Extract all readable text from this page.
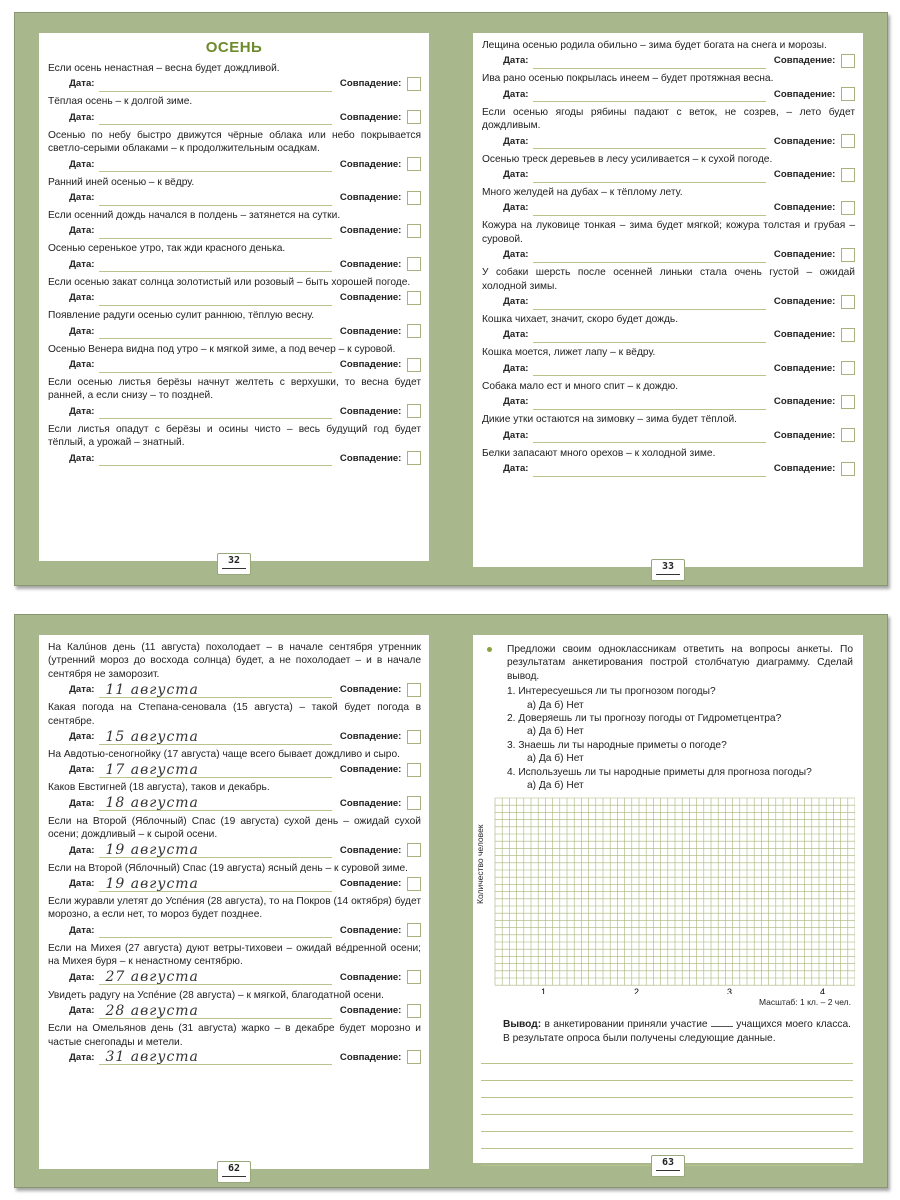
ОСЕНЬ
Если осень ненастная – весна будет дождливой.
Дата:	Совпадение:
Тёплая осень – к долгой зиме.
Дата:	Совпадение:
Осенью по небу быстро движутся чёрные облака или небо покрывается светло-серыми облаками – к продолжительным осадкам.
Дата:	Совпадение:
Ранний иней осенью – к вёдру.
Дата:	Совпадение:
Если осенний дождь начался в полдень – затянется на сутки.
Дата:	Совпадение:
Осенью серенькое утро, так жди красного денька.
Дата:	Совпадение:
Если осенью закат солнца золотистый или розовый – быть хорошей погоде.
Дата:	Совпадение:
Появление радуги осенью сулит раннюю, тёплую весну.
Дата:	Совпадение:
Осенью Венера видна под утро – к мягкой зиме, а под вечер – к суровой.
Дата:	Совпадение:
Если осенью листья берёзы начнут желтеть с верхушки, то весна будет ранней, а если снизу – то поздней.
Дата:	Совпадение:
Если листья опадут с берёзы и осины чисто – весь будущий год будет тёплый, а урожай – знатный.
Дата:	Совпадение:
32
Лещина осенью родила обильно – зима будет богата на снега и морозы.
Дата:	Совпадение:
Ива рано осенью покрылась инеем – будет протяжная весна.
Дата:	Совпадение:
Если осенью ягоды рябины падают с веток, не созрев, – лето будет дождливым.
Дата:	Совпадение:
Осенью треск деревьев в лесу усиливается – к сухой погоде.
Дата:	Совпадение:
Много желудей на дубах – к тёплому лету.
Дата:	Совпадение:
Кожура на луковице тонкая – зима будет мягкой; кожура толстая и грубая – суровой.
Дата:	Совпадение:
У собаки шерсть после осенней линьки стала очень густой – ожидай холодной зимы.
Дата:	Совпадение:
Кошка чихает, значит, скоро будет дождь.
Дата:	Совпадение:
Кошка моется, лижет лапу – к вёдру.
Дата:	Совпадение:
Собака мало ест и много спит – к дождю.
Дата:	Совпадение:
Дикие утки остаются на зимовку – зима будет тёплой.
Дата:	Совпадение:
Белки запасают много орехов – к холодной зиме.
Дата:	Совпадение:
33
На Калúнов день (11 августа) похолодает – в начале сентября утренник (утренний мороз до восхода солнца) будет, а не похолодает – и в начале сентября не заморозит.
Дата: 11 августа	Совпадение:
Какая погода на Степана-сеновала (15 августа) – такой будет погода в сентябре.
Дата: 15 августа	Совпадение:
На Авдотью-сеногнойку (17 августа) чаще всего бывает дождливо и сыро.
Дата: 17 августа	Совпадение:
Каков Евстигней (18 августа), таков и декабрь.
Дата: 18 августа	Совпадение:
Если на Второй (Яблочный) Спас (19 августа) сухой день – ожидай сухой осени; дождливый – к сырой осени.
Дата: 19 августа	Совпадение:
Если на Второй (Яблочный) Спас (19 августа) ясный день – к суровой зиме.
Дата: 19 августа	Совпадение:
Если журавли улетят до Успéния (28 августа), то на Покров (14 октября) будет морозно, а если нет, то мороз будет позднее.
Дата:	Совпадение:
Если на Михея (27 августа) дуют ветры-тиховеи – ожидай вéдренной осени; на Михея буря – к ненастному сентябрю.
Дата: 27 августа	Совпадение:
Увидеть радугу на Успéние (28 августа) – к мягкой, благодатной осени.
Дата: 28 августа	Совпадение:
Если на Омельянов день (31 августа) жарко – в декабре будет морозно и частые снегопады и метели.
Дата: 31 августа	Совпадение:
62
Предложи своим одноклассникам ответить на вопросы анкеты. По результатам анкетирования построй столбчатую диаграмму. Сделай вывод.
1. Интересуешься ли ты прогнозом погоды?
а) Да б) Нет
2. Доверяешь ли ты прогнозу погоды от Гидрометцентра?
а) Да б) Нет
3. Знаешь ли ты народные приметы о погоде?
а) Да б) Нет
4. Используешь ли ты народные приметы для прогноза погоды?
а) Да б) Нет
Количество человек
1	2	3	4
Масштаб: 1 кл. – 2 чел.
Вывод: в анкетировании приняли участие	учащихся моего класса. В результате опроса были получены следующие данные.
63
